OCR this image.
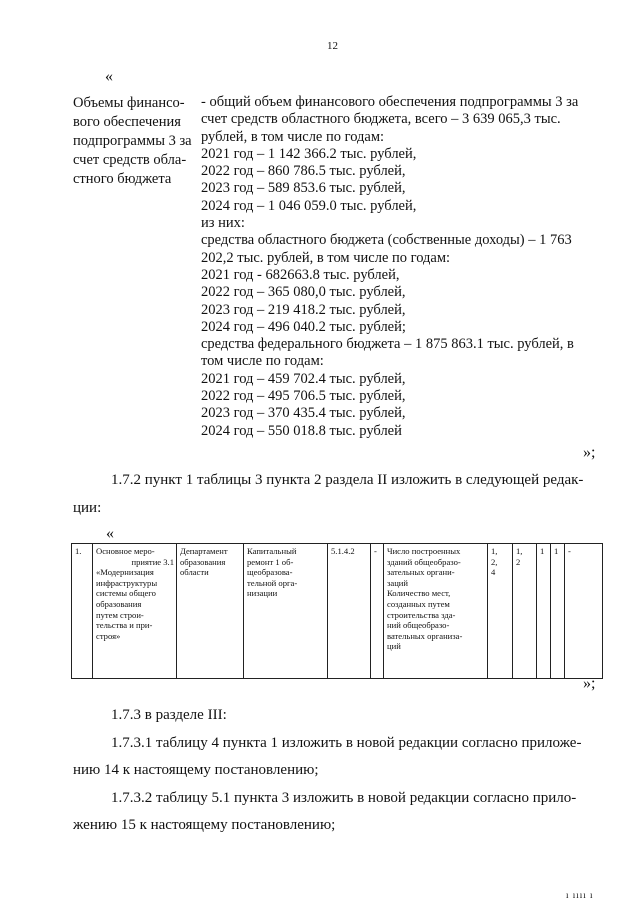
12
«
Объемы финансо-
вого обеспечения
подпрограммы 3 за
счет средств обла-
стного бюджета
- общий объем финансового обеспечения подпрограммы 3 за
счет средств областного бюджета, всего – 3 639 065,3 тыс.
рублей, в том числе по годам:
2021 год – 1 142 366.2 тыс. рублей,
2022 год – 860 786.5 тыс. рублей,
2023 год – 589 853.6 тыс. рублей,
2024 год – 1 046 059.0 тыс. рублей,
из них:
средства областного бюджета (собственные доходы) – 1 763
202,2 тыс. рублей, в том числе по годам:
2021 год - 682663.8 тыс. рублей,
2022 год – 365 080,0 тыс. рублей,
2023 год – 219 418.2 тыс. рублей,
2024 год – 496 040.2 тыс. рублей;
средства федерального бюджета – 1 875 863.1 тыс. рублей, в
том числе по годам:
2021 год – 459 702.4 тыс. рублей,
2022 год – 495 706.5 тыс. рублей,
2023 год – 370 435.4 тыс. рублей,
2024 год – 550 018.8 тыс. рублей
»;
1.7.2 пункт 1 таблицы 3 пункта 2 раздела II изложить в следующей редак-
ции:
«
1.	Основное меро-
приятие 3.1
«Модернизация
инфраструктуры
системы общего
образования
путем строи-
тельства и при-
строя»

Департамент
образования
области

Капитальный
ремонт 1 об-
щеобразова-
тельной орга-
низации
	5.1.4.2	-	Число построенных
зданий общеобразо-
зательных органи-
заций
Количество мест,
созданных путем
строительства зда-
ний общеобразо-
вательных организа-
ций

1,
2,
4

1,
2
	1	1	-
»;
1.7.3 в разделе III:
1.7.3.1 таблицу 4 пункта 1 изложить в новой редакции согласно приложе-
нию 14 к настоящему постановлению;
1.7.3.2 таблицу 5.1 пункта 3 изложить в новой редакции согласно прило-
жению 15 к настоящему постановлению;
ı ıııı ı
